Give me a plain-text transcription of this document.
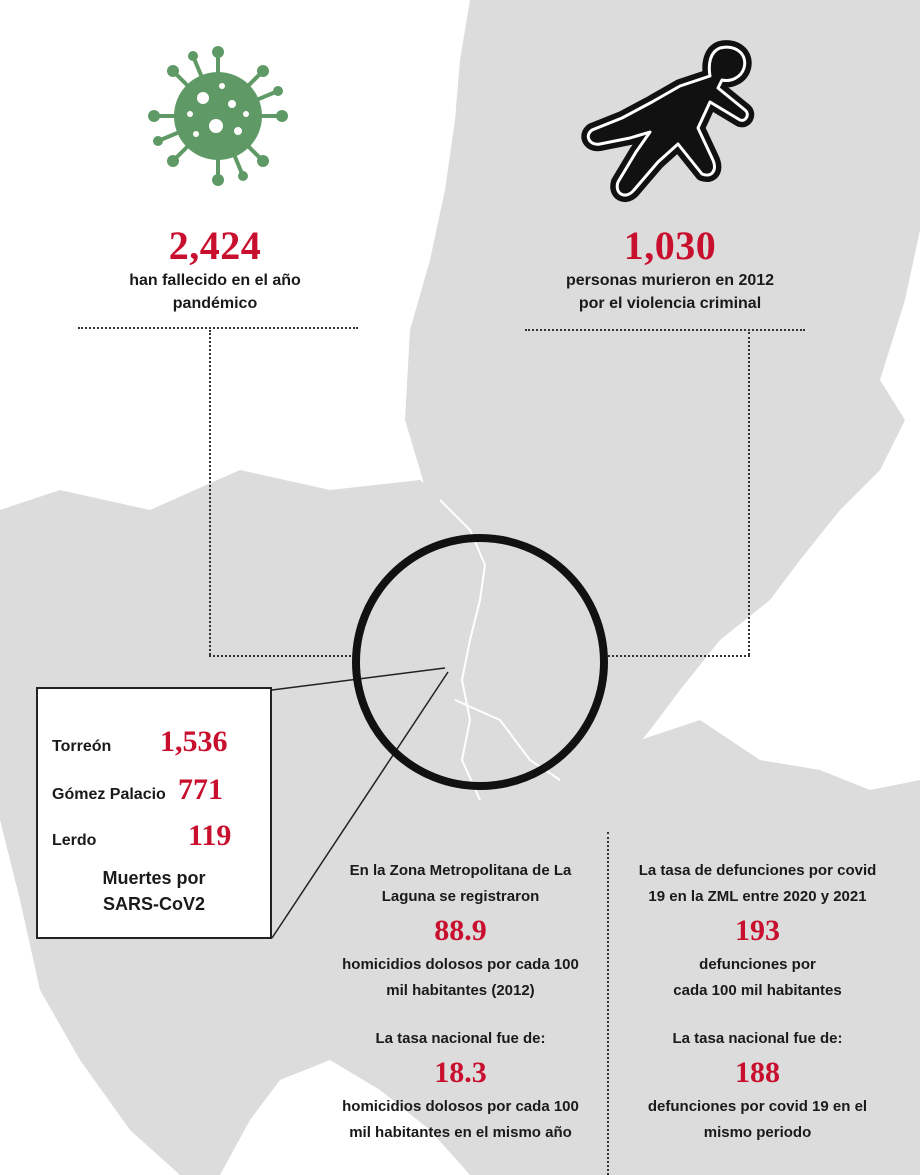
2,424
han fallecido en el año
pandémico
1,030
personas murieron en 2012
por el violencia criminal
Torreón	1,536
Gómez Palacio 771
Lerdo	119
Muertes por
SARS-CoV2
En la Zona Metropolitana de La
Laguna se registraron
88.9
homicidios dolosos por cada 100
mil habitantes (2012)
La tasa nacional fue de:
18.3
homicidios dolosos por cada 100
mil habitantes en el mismo año
La tasa de defunciones por covid
19 en la ZML entre 2020 y 2021
193
defunciones por
cada 100 mil habitantes
La tasa nacional fue de:
188
defunciones por covid 19 en el
mismo periodo
